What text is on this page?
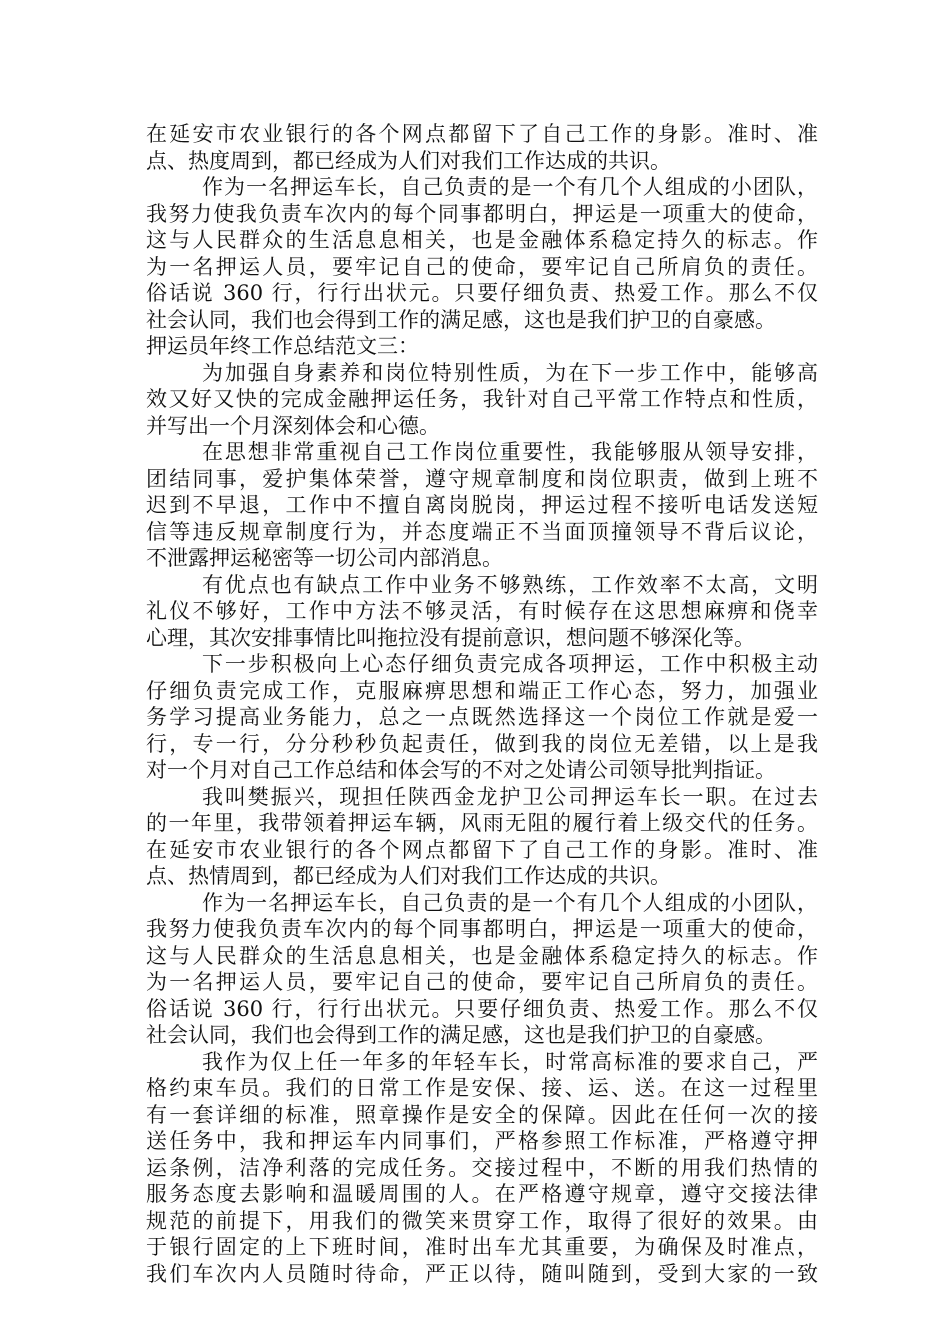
在延安市农业银行的各个网点都留下了自己工作的身影。准时、准
点、热度周到，都已经成为人们对我们工作达成的共识。
作为一名押运车长，自己负责的是一个有几个人组成的小团队，
我努力使我负责车次内的每个同事都明白，押运是一项重大的使命，
这与人民群众的生活息息相关，也是金融体系稳定持久的标志。作
为一名押运人员，要牢记自己的使命，要牢记自己所肩负的责任。
俗话说 360 行，行行出状元。只要仔细负责、热爱工作。那么不仅
社会认同，我们也会得到工作的满足感，这也是我们护卫的自豪感。
押运员年终工作总结范文三：
为加强自身素养和岗位特别性质，为在下一步工作中，能够高
效又好又快的完成金融押运任务，我针对自己平常工作特点和性质，
并写出一个月深刻体会和心德。
在思想非常重视自己工作岗位重要性，我能够服从领导安排，
团结同事，爱护集体荣誉，遵守规章制度和岗位职责，做到上班不
迟到不早退，工作中不擅自离岗脱岗，押运过程不接听电话发送短
信等违反规章制度行为，并态度端正不当面顶撞领导不背后议论，
不泄露押运秘密等一切公司内部消息。
有优点也有缺点工作中业务不够熟练，工作效率不太高，文明
礼仪不够好，工作中方法不够灵活，有时候存在这思想麻痹和侥幸
心理，其次安排事情比叫拖拉没有提前意识，想问题不够深化等。
下一步积极向上心态仔细负责完成各项押运，工作中积极主动
仔细负责完成工作，克服麻痹思想和端正工作心态，努力，加强业
务学习提高业务能力，总之一点既然选择这一个岗位工作就是爱一
行，专一行，分分秒秒负起责任，做到我的岗位无差错，以上是我
对一个月对自己工作总结和体会写的不对之处请公司领导批判指证。
我叫樊振兴，现担任陕西金龙护卫公司押运车长一职。在过去
的一年里，我带领着押运车辆，风雨无阻的履行着上级交代的任务。
在延安市农业银行的各个网点都留下了自己工作的身影。准时、准
点、热情周到，都已经成为人们对我们工作达成的共识。
作为一名押运车长，自己负责的是一个有几个人组成的小团队，
我努力使我负责车次内的每个同事都明白，押运是一项重大的使命，
这与人民群众的生活息息相关，也是金融体系稳定持久的标志。作
为一名押运人员，要牢记自己的使命，要牢记自己所肩负的责任。
俗话说 360 行，行行出状元。只要仔细负责、热爱工作。那么不仅
社会认同，我们也会得到工作的满足感，这也是我们护卫的自豪感。
我作为仅上任一年多的年轻车长，时常高标准的要求自己，严
格约束车员。我们的日常工作是安保、接、运、送。在这一过程里
有一套详细的标准，照章操作是安全的保障。因此在任何一次的接
送任务中，我和押运车内同事们，严格参照工作标准，严格遵守押
运条例，洁净利落的完成任务。交接过程中，不断的用我们热情的
服务态度去影响和温暖周围的人。在严格遵守规章，遵守交接法律
规范的前提下，用我们的微笑来贯穿工作，取得了很好的效果。由
于银行固定的上下班时间，准时出车尤其重要，为确保及时准点，
我们车次内人员随时待命，严正以待，随叫随到，受到大家的一致
